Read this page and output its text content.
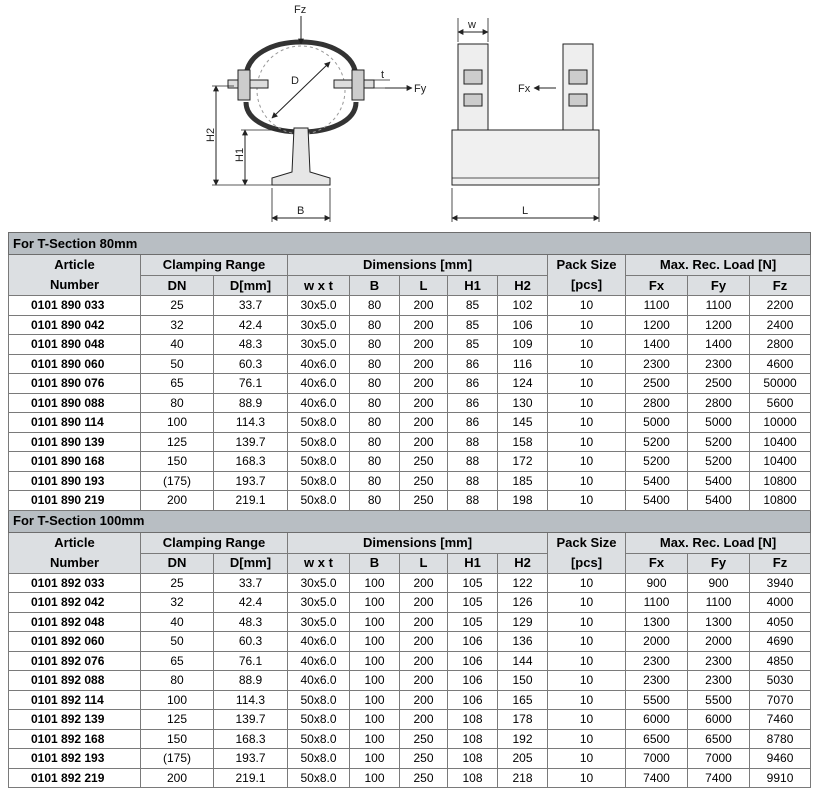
Fz
Fy	Fx
D	t
w
H2
H1
B	L
For T-Section 80mm											
Article	Clamping Range		Dimensions [mm]					Pack Size	Max. Rec. Load [N]		
Number	DN	D[mm]	w x t	B	L	H1	H2	[pcs]	Fx	Fy	Fz
0101 890 033	25	33.7	30x5.0	80	200	85	102	10	1100	1100	2200
0101 890 042	32	42.4	30x5.0	80	200	85	106	10	1200	1200	2400
0101 890 048	40	48.3	30x5.0	80	200	85	109	10	1400	1400	2800
0101 890 060	50	60.3	40x6.0	80	200	86	116	10	2300	2300	4600
0101 890 076	65	76.1	40x6.0	80	200	86	124	10	2500	2500	50000
0101 890 088	80	88.9	40x6.0	80	200	86	130	10	2800	2800	5600
0101 890 114	100	114.3	50x8.0	80	200	86	145	10	5000	5000	10000
0101 890 139	125	139.7	50x8.0	80	200	88	158	10	5200	5200	10400
0101 890 168	150	168.3	50x8.0	80	250	88	172	10	5200	5200	10400
0101 890 193	(175)	193.7	50x8.0	80	250	88	185	10	5400	5400	10800
0101 890 219	200	219.1	50x8.0	80	250	88	198	10	5400	5400	10800
For T-Section 100mm											
Article	Clamping Range		Dimensions [mm]					Pack Size	Max. Rec. Load [N]		
Number	DN	D[mm]	w x t	B	L	H1	H2	[pcs]	Fx	Fy	Fz
0101 892 033	25	33.7	30x5.0	100	200	105	122	10	900	900	3940
0101 892 042	32	42.4	30x5.0	100	200	105	126	10	1100	1100	4000
0101 892 048	40	48.3	30x5.0	100	200	105	129	10	1300	1300	4050
0101 892 060	50	60.3	40x6.0	100	200	106	136	10	2000	2000	4690
0101 892 076	65	76.1	40x6.0	100	200	106	144	10	2300	2300	4850
0101 892 088	80	88.9	40x6.0	100	200	106	150	10	2300	2300	5030
0101 892 114	100	114.3	50x8.0	100	200	106	165	10	5500	5500	7070
0101 892 139	125	139.7	50x8.0	100	200	108	178	10	6000	6000	7460
0101 892 168	150	168.3	50x8.0	100	250	108	192	10	6500	6500	8780
0101 892 193	(175)	193.7	50x8.0	100	250	108	205	10	7000	7000	9460
0101 892 219	200	219.1	50x8.0	100	250	108	218	10	7400	7400	9910
